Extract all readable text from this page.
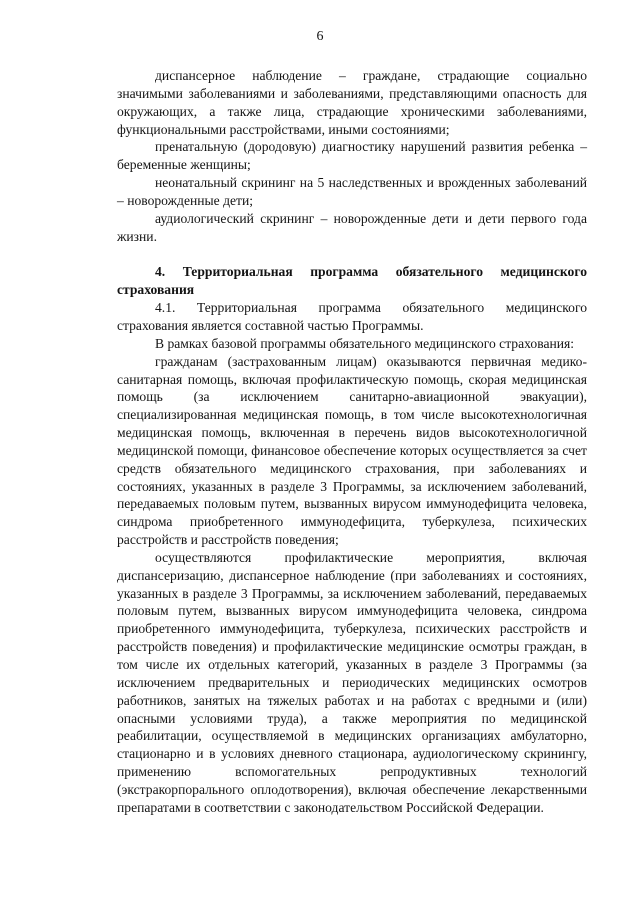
6

диспансерное наблюдение – граждане, страдающие социально значимыми заболеваниями и заболеваниями, представляющими опасность для окружающих, а также лица, страдающие хроническими заболеваниями, функциональными расстройствами, иными состояниями;

пренатальную (дородовую) диагностику нарушений развития ребенка – беременные женщины;

неонатальный скрининг на 5 наследственных и врожденных заболеваний – новорожденные дети;

аудиологический скрининг – новорожденные дети и дети первого года жизни.

4. Территориальная программа обязательного медицинского страхования

4.1. Территориальная программа обязательного медицинского страхования является составной частью Программы.

В рамках базовой программы обязательного медицинского страхования:

гражданам (застрахованным лицам) оказываются первичная медико-санитарная помощь, включая профилактическую помощь, скорая медицинская помощь (за исключением санитарно-авиационной эвакуации), специализированная медицинская помощь, в том числе высокотехнологичная медицинская помощь, включенная в перечень видов высокотехнологичной медицинской помощи, финансовое обеспечение которых осуществляется за счет средств обязательного медицинского страхования, при заболеваниях и состояниях, указанных в разделе 3 Программы, за исключением заболеваний, передаваемых половым путем, вызванных вирусом иммунодефицита человека, синдрома приобретенного иммунодефицита, туберкулеза, психических расстройств и расстройств поведения;

осуществляются профилактические мероприятия, включая диспансеризацию, диспансерное наблюдение (при заболеваниях и состояниях, указанных в разделе 3 Программы, за исключением заболеваний, передаваемых половым путем, вызванных вирусом иммунодефицита человека, синдрома приобретенного иммунодефицита, туберкулеза, психических расстройств и расстройств поведения) и профилактические медицинские осмотры граждан, в том числе их отдельных категорий, указанных в разделе 3 Программы (за исключением предварительных и периодических медицинских осмотров работников, занятых на тяжелых работах и на работах с вредными и (или) опасными условиями труда), а также мероприятия по медицинской реабилитации, осуществляемой в медицинских организациях амбулаторно, стационарно и в условиях дневного стационара, аудиологическому скринингу, применению вспомогательных репродуктивных технологий (экстракорпорального оплодотворения), включая обеспечение лекарственными препаратами в соответствии с законодательством Российской Федерации.
